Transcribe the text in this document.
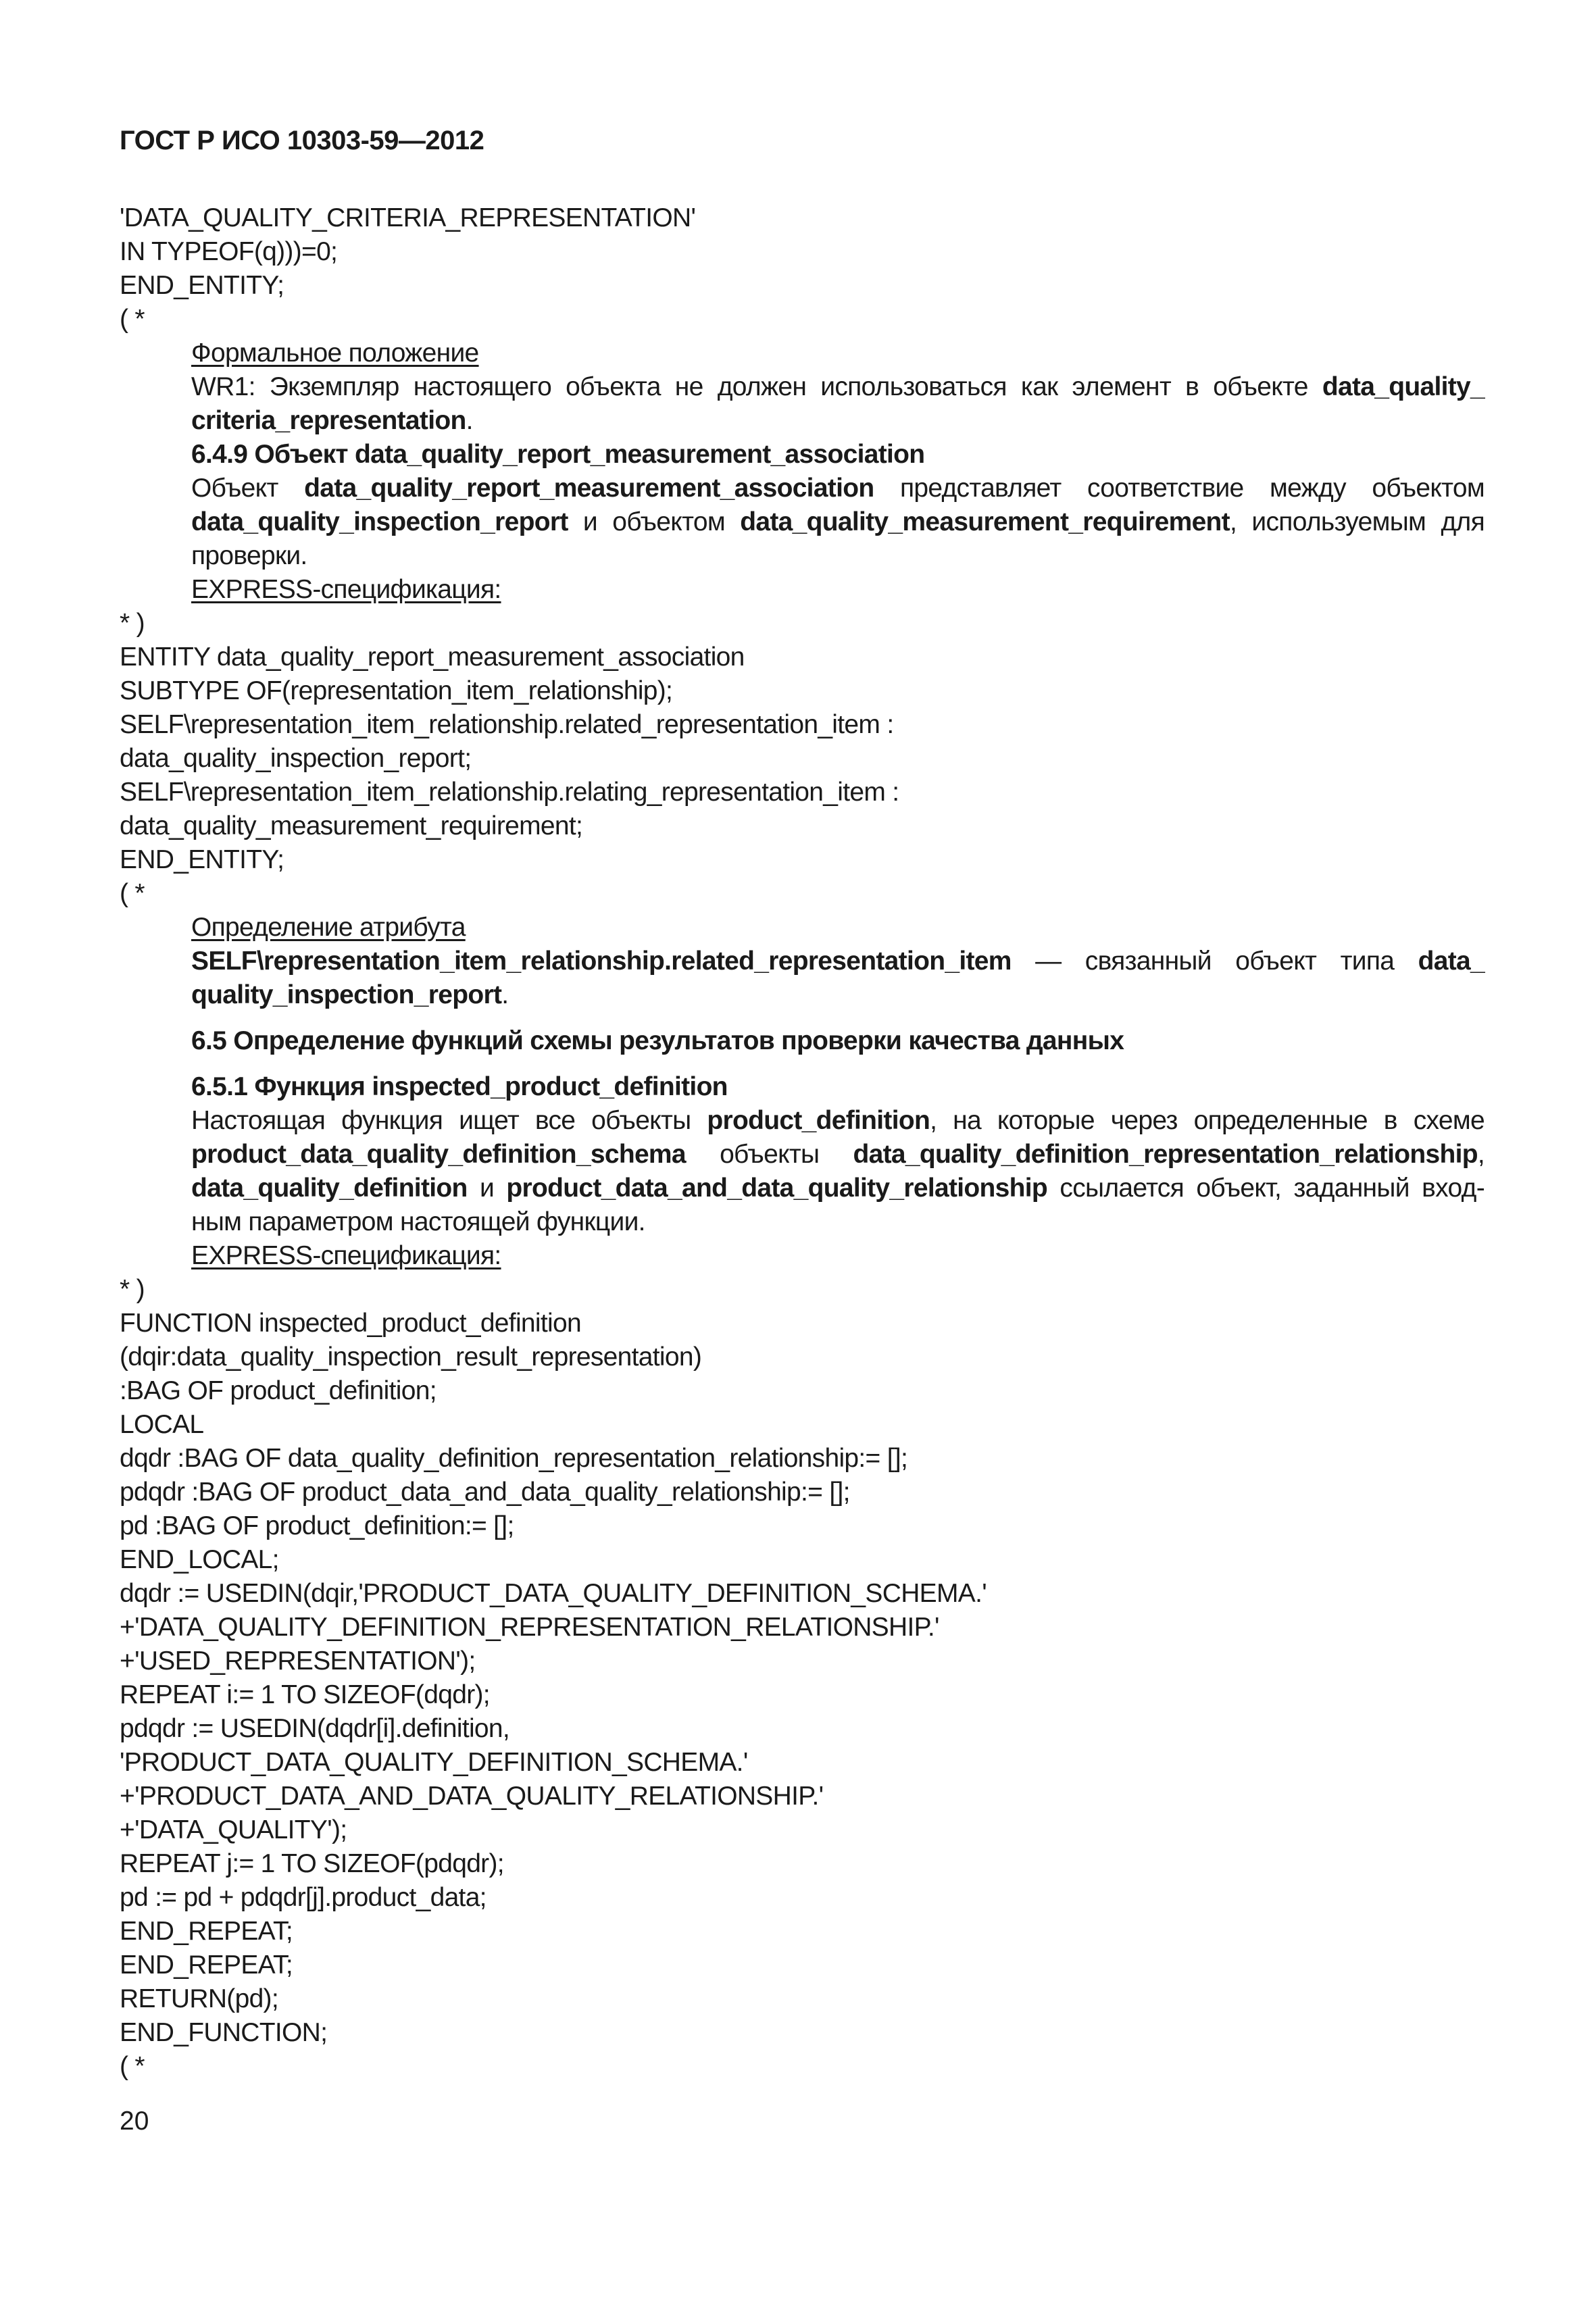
ГОСТ Р ИСО 10303-59—2012
'DATA_QUALITY_CRITERIA_REPRESENTATION'
IN TYPEOF(q)))=0;
END_ENTITY;
( *
Формальное положение
WR1: Экземпляр настоящего объекта не должен использоваться как элемент в объекте data_quality_ criteria_representation.
6.4.9 Объект data_quality_report_measurement_association
Объект data_quality_report_measurement_association представляет соответствие между объектом data_quality_inspection_report и объектом data_quality_measurement_requirement, используемым для проверки.
EXPRESS-спецификация:
* )
ENTITY data_quality_report_measurement_association
SUBTYPE OF(representation_item_relationship);
SELF\representation_item_relationship.related_representation_item :
data_quality_inspection_report;
SELF\representation_item_relationship.relating_representation_item :
data_quality_measurement_requirement;
END_ENTITY;
( *
Определение атрибута
SELF\representation_item_relationship.related_representation_item — связанный объект типа data_ quality_inspection_report.
6.5 Определение функций схемы результатов проверки качества данных
6.5.1 Функция inspected_product_definition
Настоящая функция ищет все объекты product_definition, на которые через определенные в схеме product_data_quality_definition_schema объекты data_quality_definition_representation_relationship, data_quality_definition и product_data_and_data_quality_relationship ссылается объект, заданный вход-ным параметром настоящей функции.
EXPRESS-спецификация:
* )
FUNCTION inspected_product_definition
(dqir:data_quality_inspection_result_representation)
:BAG OF product_definition;
LOCAL
dqdr :BAG OF data_quality_definition_representation_relationship:= [];
pdqdr :BAG OF product_data_and_data_quality_relationship:= [];
pd :BAG OF product_definition:= [];
END_LOCAL;
dqdr := USEDIN(dqir,'PRODUCT_DATA_QUALITY_DEFINITION_SCHEMA.'
+'DATA_QUALITY_DEFINITION_REPRESENTATION_RELATIONSHIP.'
+'USED_REPRESENTATION');
REPEAT i:= 1 TO SIZEOF(dqdr);
pdqdr := USEDIN(dqdr[i].definition,
'PRODUCT_DATA_QUALITY_DEFINITION_SCHEMA.'
+'PRODUCT_DATA_AND_DATA_QUALITY_RELATIONSHIP.'
+'DATA_QUALITY');
REPEAT j:= 1 TO SIZEOF(pdqdr);
pd := pd + pdqdr[j].product_data;
END_REPEAT;
END_REPEAT;
RETURN(pd);
END_FUNCTION;
( *
20
